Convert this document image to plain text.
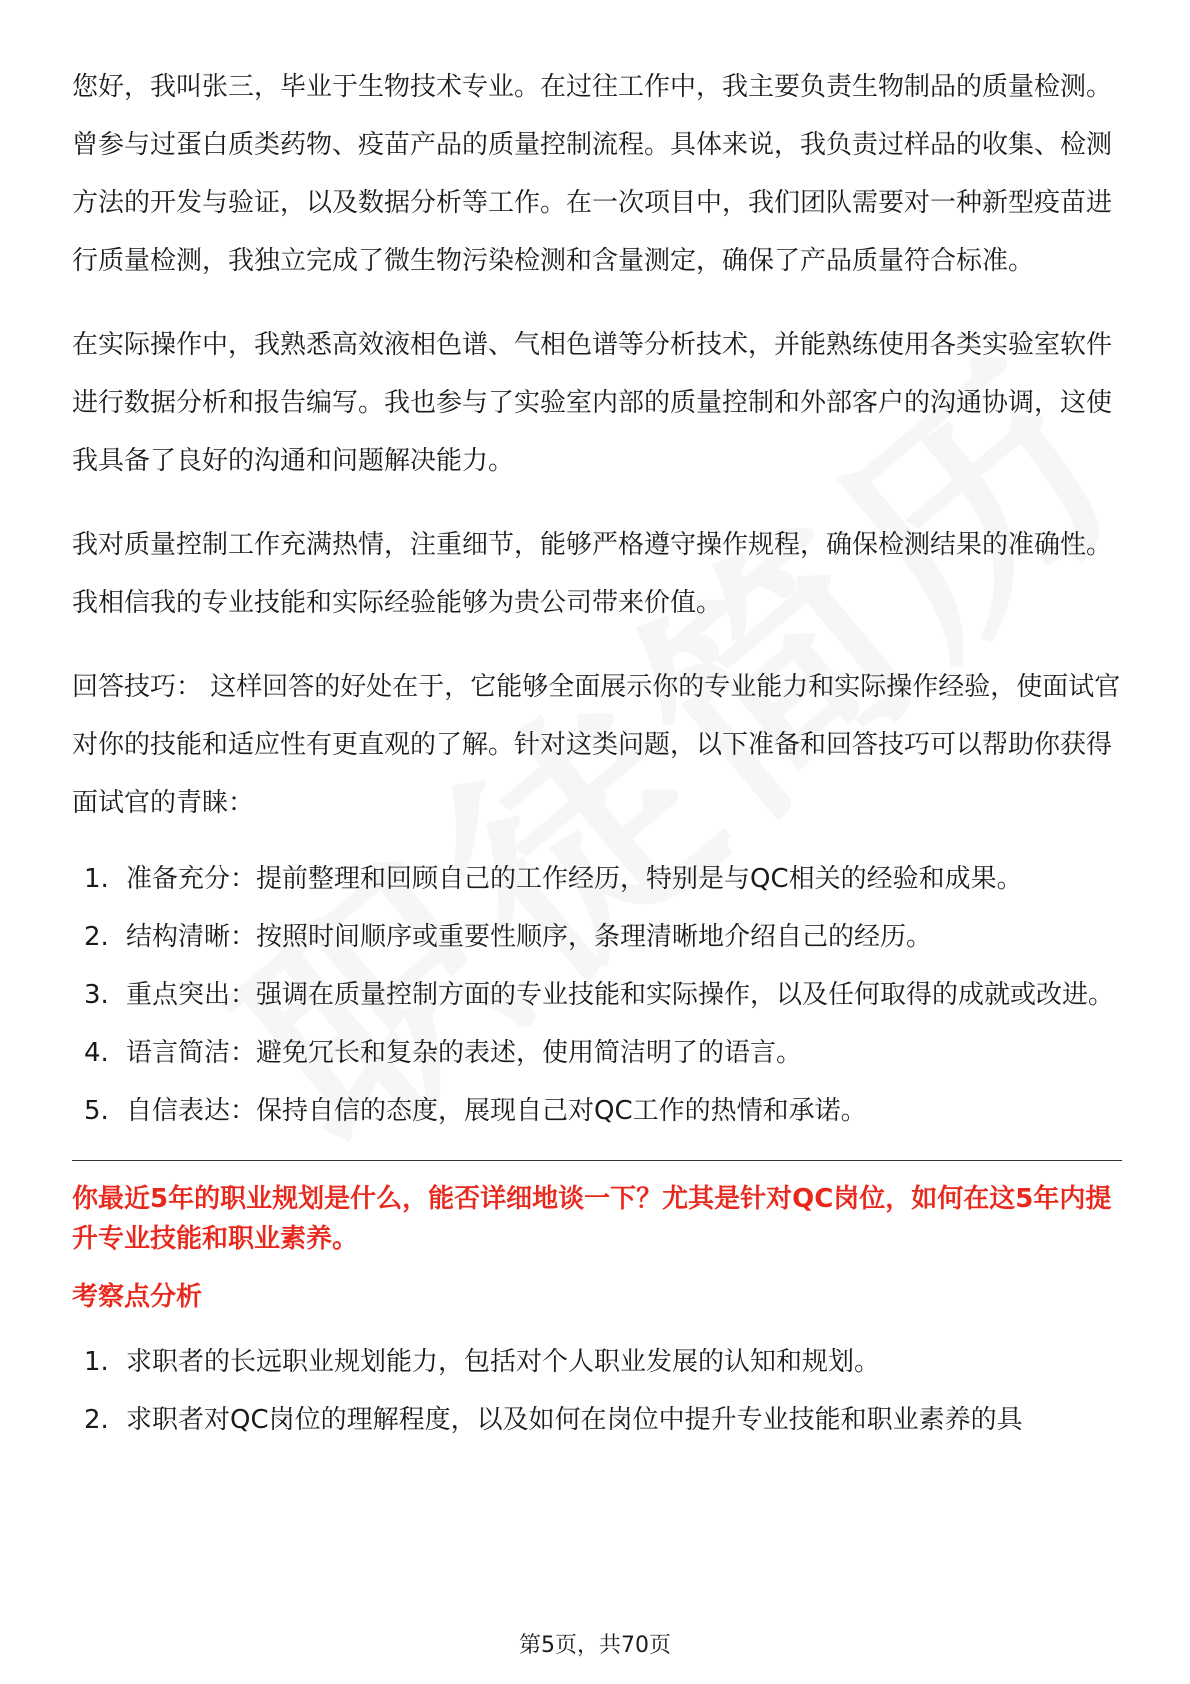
您好，我叫张三，毕业于生物技术专业。在过往工作中，我主要负责生物制品的质量检测。曾参与过蛋白质类药物、疫苗产品的质量控制流程。具体来说，我负责过样品的收集、检测方法的开发与验证，以及数据分析等工作。在一次项目中，我们团队需要对一种新型疫苗进行质量检测，我独立完成了微生物污染检测和含量测定，确保了产品质量符合标准。

在实际操作中，我熟悉高效液相色谱、气相色谱等分析技术，并能熟练使用各类实验室软件进行数据分析和报告编写。我也参与了实验室内部的质量控制和外部客户的沟通协调，这使我具备了良好的沟通和问题解决能力。

我对质量控制工作充满热情，注重细节，能够严格遵守操作规程，确保检测结果的准确性。我相信我的专业技能和实际经验能够为贵公司带来价值。

回答技巧： 这样回答的好处在于，它能够全面展示你的专业能力和实际操作经验，使面试官对你的技能和适应性有更直观的了解。针对这类问题，以下准备和回答技巧可以帮助你获得面试官的青睐：

1. 准备充分：提前整理和回顾自己的工作经历，特别是与QC相关的经验和成果。
2. 结构清晰：按照时间顺序或重要性顺序，条理清晰地介绍自己的经历。
3. 重点突出：强调在质量控制方面的专业技能和实际操作，以及任何取得的成就或改进。
4. 语言简洁：避免冗长和复杂的表述，使用简洁明了的语言。
5. 自信表达：保持自信的态度，展现自己对QC工作的热情和承诺。
你最近5年的职业规划是什么，能否详细地谈一下？尤其是针对QC岗位，如何在这5年内提升专业技能和职业素养。
考察点分析
1. 求职者的长远职业规划能力，包括对个人职业发展的认知和规划。
2. 求职者对QC岗位的理解程度，以及如何在岗位中提升专业技能和职业素养的具
第5页，共70页
